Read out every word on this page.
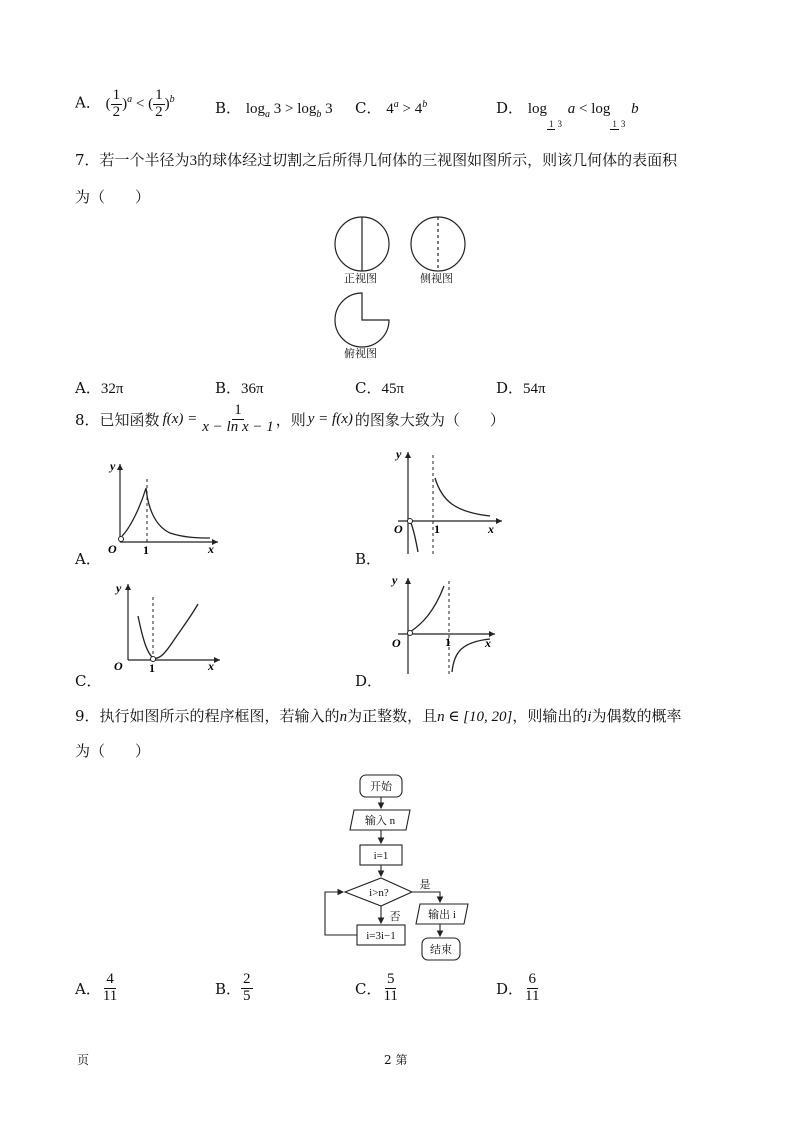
A． ( $\frac{1}{2} )^a$ < ( $\frac{1}{2} )^b$	B． $\log_a 3 > \log_b 3$ C． $4^a > 4^b$	D． log1 3 a < log1 3 b
7．若一个半径为3的球体经过切割之后所得几何体的三视图如图所示，则该几何体的表面积
为（　　）
正视图	侧视图
俯视图
A．32π	B．36π	C．45π	D．54π
8． 已知函数 $f(x) = \frac{1}{\text{x − ln x − 1}}$ ，则 y = f(x) 的图象大致为（　　）
y
O 1	x
A．
y
O	1	x
B．
y
O 1	x
C．
y
O	1	x
D．
9．执行如图所示的程序框图，若输入的n为正整数，且n ∈ [10, 20]，则输出的i为偶数的概率
为（　　）
开始
输入 n
i=1
i>n?
是
否
i=3i−1
输出 i
结束
A． $\frac{4}{11}$	B． $\frac{2}{5}$	C． $\frac{5}{11}$	D． $\frac{6}{11}$
页	2 第
